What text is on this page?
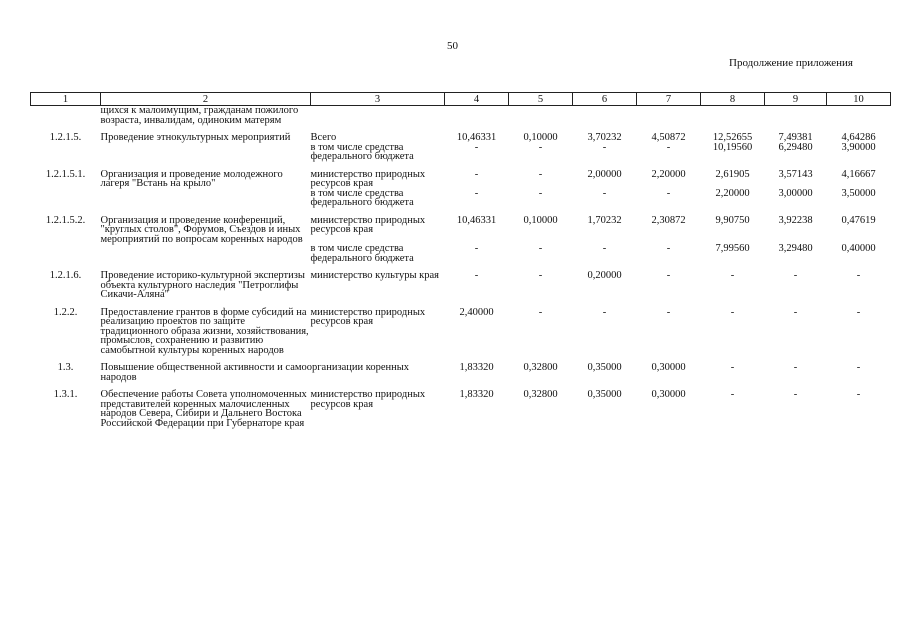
50
Продолжение приложения
1	2	3	4	5	6	7	8	9	10
	щихся к малоимущим, гражданам пожилого возраста, инвалидам, одиноким матерям								
1.2.1.5.	Проведение этнокультурных мероприятий	Всего	10,46331	0,10000	3,70232	4,50872	12,52655	7,49381	4,64286
		в том числе средства федерального бюджета	-	-	-	-	10,19560	6,29480	3,90000
1.2.1.5.1.	Организация и проведение молодежного лагеря "Встань на крыло"	министерство природных ресурсов края	-	-	2,00000	2,20000	2,61905	3,57143	4,16667
		в том числе средства федерального бюджета	-	-	-	-	2,20000	3,00000	3,50000
1.2.1.5.2.	Организация и проведение конференций, "круглых столов", Форумов, Съездов и иных мероприятий по вопросам коренных народов	министерство природных ресурсов края	10,46331	0,10000	1,70232	2,30872	9,90750	3,92238	0,47619
		в том числе средства федерального бюджета	-	-	-	-	7,99560	3,29480	0,40000
1.2.1.6.	Проведение историко-культурной экспертизы объекта культурного наследия "Петроглифы Сикачи-Аляна"	министерство культуры края	-	-	0,20000	-	-	-	-
1.2.2.	Предоставление грантов в форме субсидий на реализацию проектов по защите традиционного образа жизни, хозяйствования, промыслов, сохранению и развитию самобытной культуры коренных народов	министерство природных ресурсов края	2,40000	-	-	-	-	-	-
1.3.	Повышение общественной активности и самоорганизации коренных народов		1,83320	0,32800	0,35000	0,30000	-	-	-
1.3.1.	Обеспечение работы Совета уполномоченных представителей коренных малочисленных народов Севера, Сибири и Дальнего Востока Российской Федерации при Губернаторе края	министерство природных ресурсов края	1,83320	0,32800	0,35000	0,30000	-	-	-
